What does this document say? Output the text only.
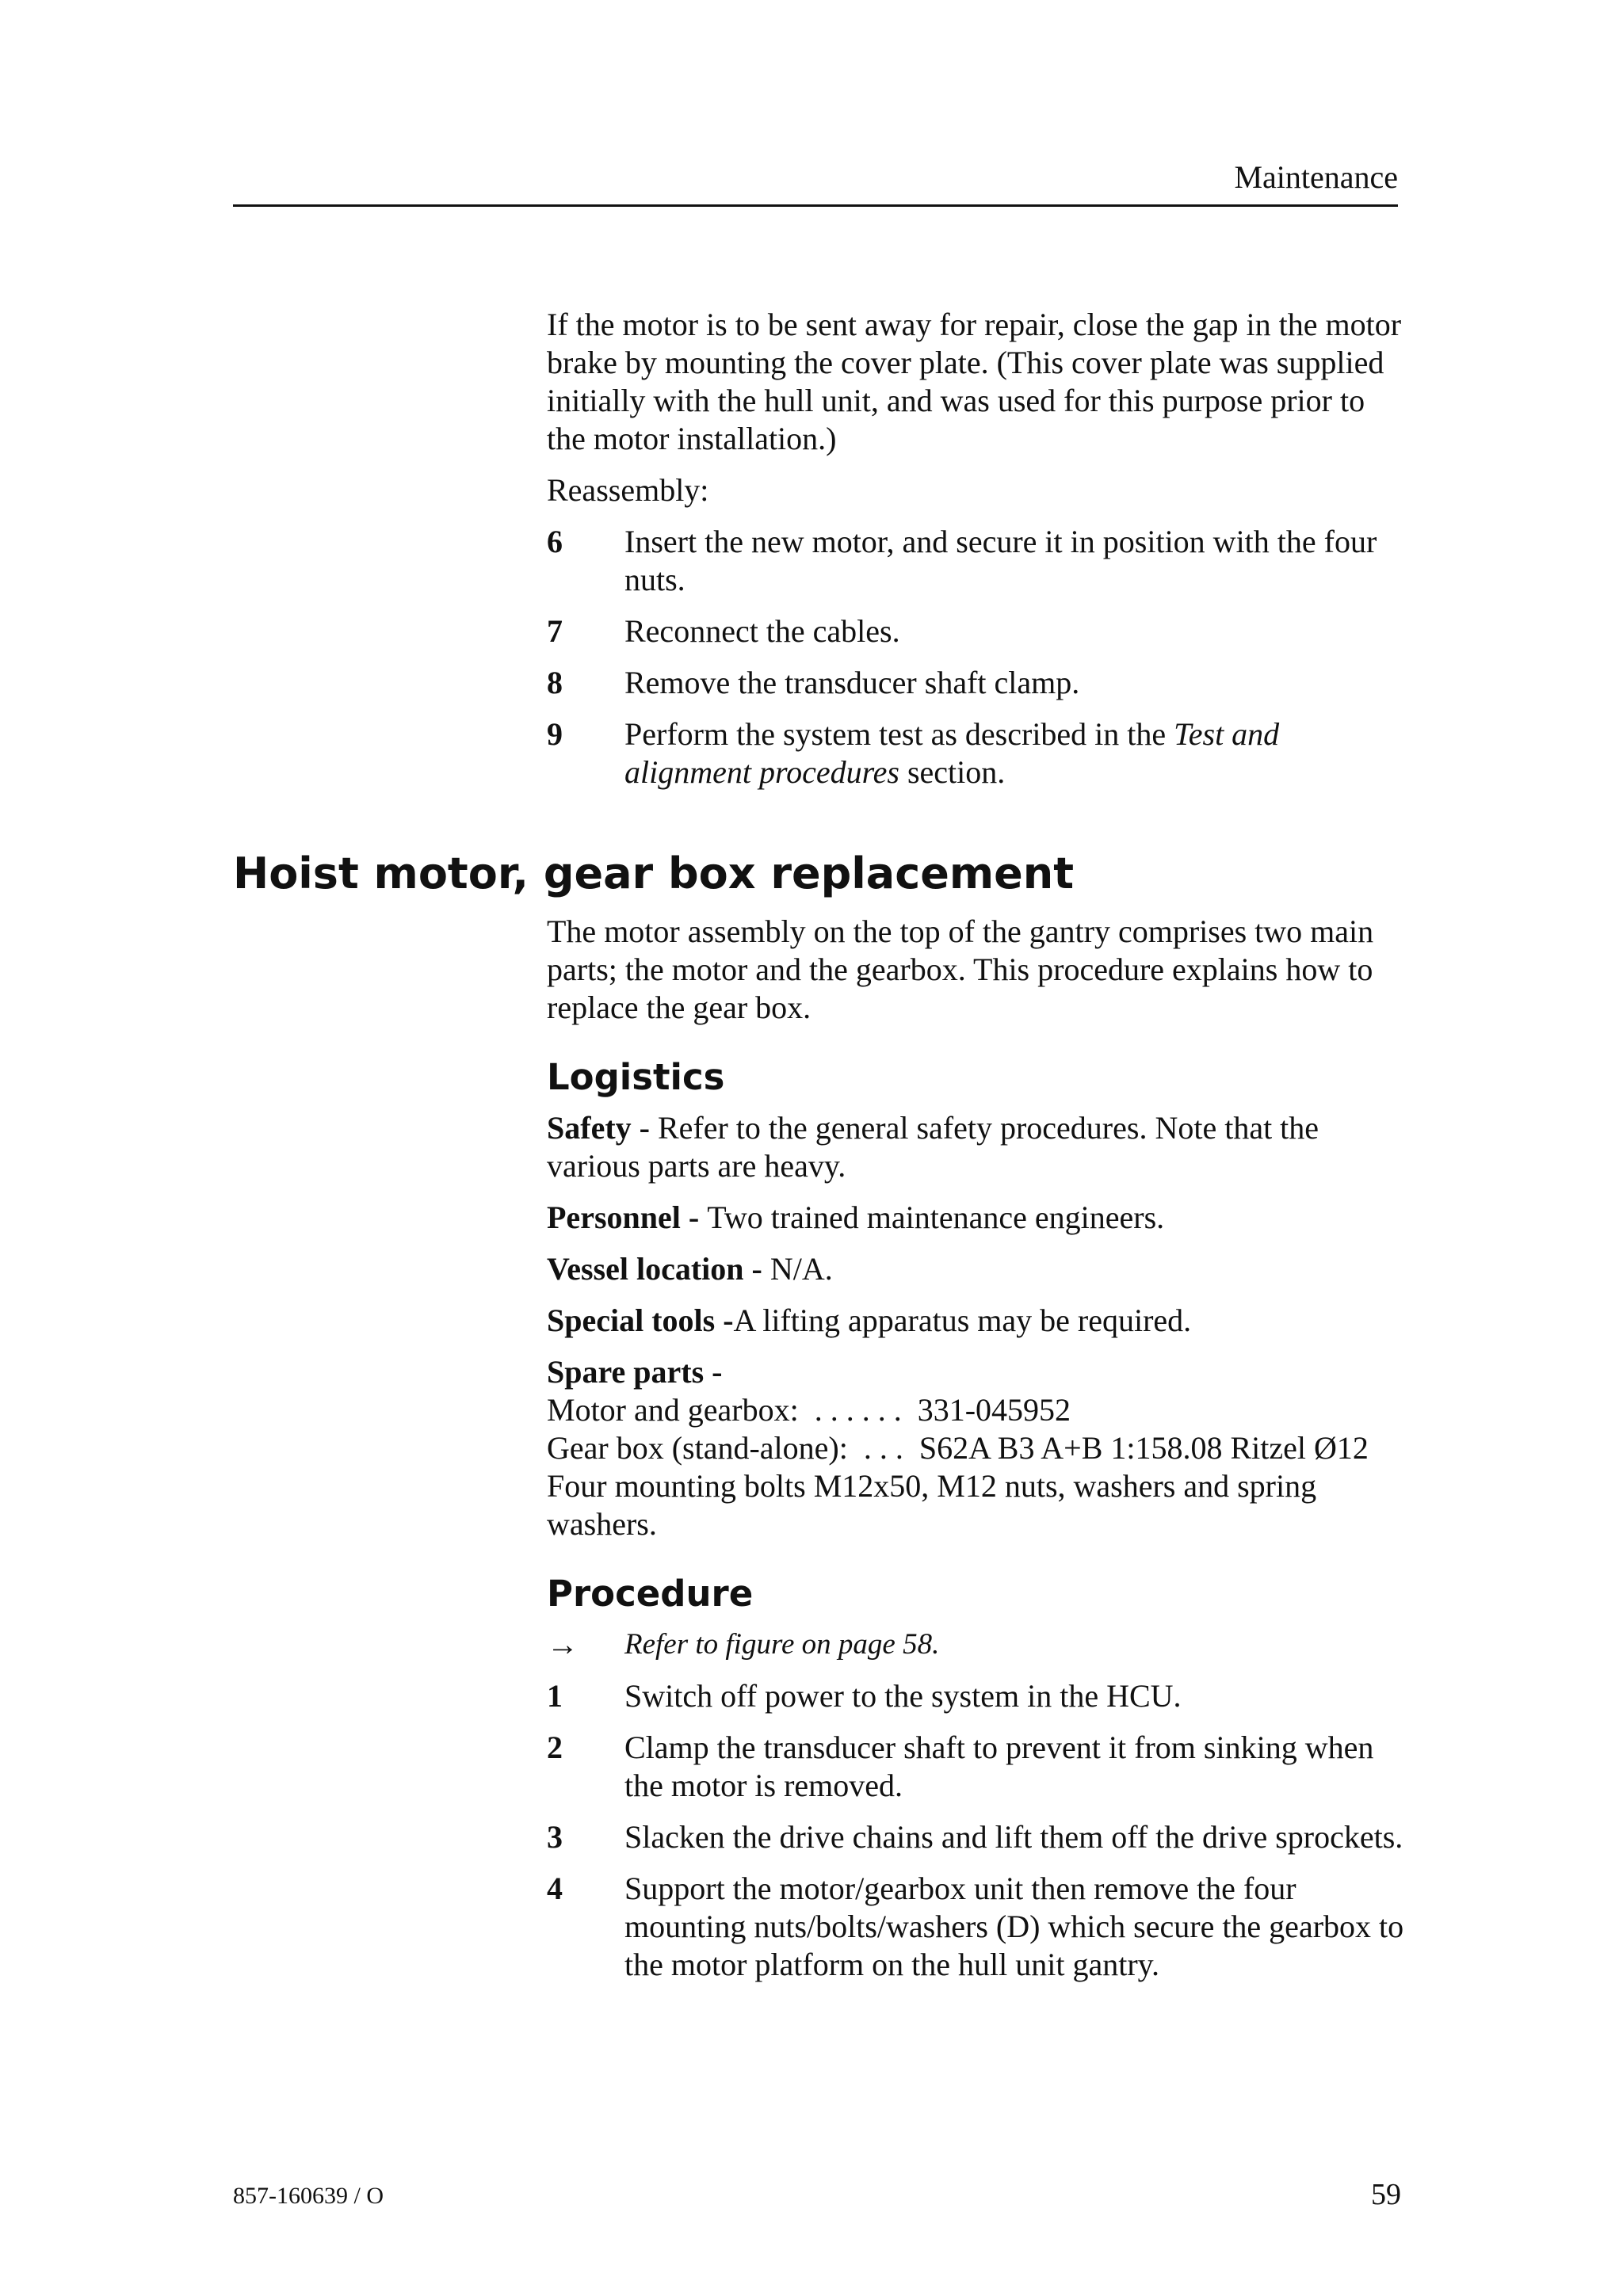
Maintenance

If the motor is to be sent away for repair, close the gap in the motor brake by mounting the cover plate. (This cover plate was supplied initially with the hull unit, and was used for this purpose prior to the motor installation.)

Reassembly:

6	Insert the new motor, and secure it in position with the four nuts.
7	Reconnect the cables.
8	Remove the transducer shaft clamp.
9	Perform the system test as described in the Test and alignment procedures section.
Hoist motor, gear box replacement

The motor assembly on the top of the gantry comprises two main parts; the motor and the gearbox. This procedure explains how to replace the gear box.

Logistics

Safety - Refer to the general safety procedures. Note that the various parts are heavy.

Personnel - Two trained maintenance engineers.

Vessel location - N/A.

Special tools -A lifting apparatus may be required.

Spare parts -

Motor and gearbox:  . . . . . .  331-045952

Gear box (stand-alone):  . . .  S62A B3 A+B 1:158.08 Ritzel Ø12

Four mounting bolts M12x50, M12 nuts, washers and spring washers.

Procedure
→	Refer to figure on page 58.
1	Switch off power to the system in the HCU.
2	Clamp the transducer shaft to prevent it from sinking when the motor is removed.
3	Slacken the drive chains and lift them off the drive sprockets.
4	Support the motor/gearbox unit then remove the four mounting nuts/bolts/washers (D) which secure the gearbox to the motor platform on the hull unit gantry.
857-160639 / O	59
